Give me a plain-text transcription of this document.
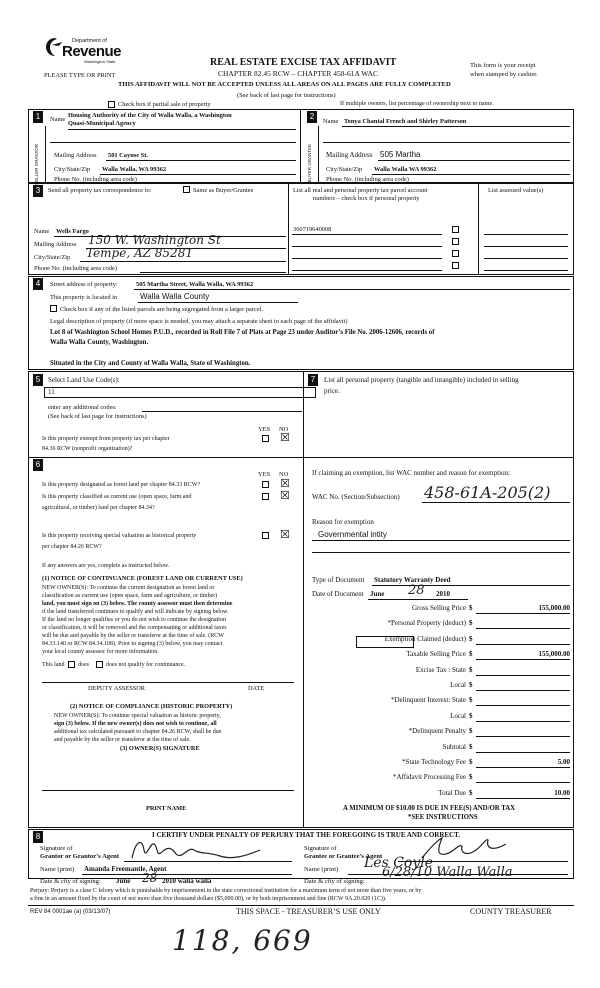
Department of
Revenue
Washington State
PLEASE TYPE OR PRINT
REAL ESTATE EXCISE TAX AFFIDAVIT
CHAPTER 82.45 RCW – CHAPTER 458-61A WAC
This form is your receipt
when stamped by cashier.
THIS AFFIDAVIT WILL NOT BE ACCEPTED UNLESS ALL AREAS ON ALL PAGES ARE FULLY COMPLETED
(See back of last page for instructions)
Check box if partial sale of property	If multiple owners, list percentage of ownership next to name.
1	2
SELLER GRANTOR	BUYER GRANTEE
Name
Housing Authority of the City of Walla Walla, a Washington
Quasi-Municipal Agency
Mailing Address 501 Cayuse St.
City/State/Zip Walla Walla, WA 99362
Phone No. (including area code)
Name Tonya Chantal French and Shirley Patterson
Mailing Address 505 Martha
City/State/Zip Walla Walla WA 99362
Phone No. (including area code)
3	Send all property tax correspondence to:	Same as Buyer/Grantee
Name Wells Fargo
Mailing Address 150 W. Washington St
City/State/Zip Tempe, AZ 85281
Phone No. (including area code)
List all real and personal property tax parcel account
numbers – check box if personal property
List assessed value(s)
360719640008
4	Street address of property:	505 Martha Street, Walla Walla, WA 99362
This property is located in	Walla Walla County
Check box if any of the listed parcels are being segregated from a larger parcel.
Legal description of property (if more space is needed, you may attach a separate sheet to each page of the affidavit)
Lot 8 of Washington School Homes P.U.D., recorded in Roll File 7 of Plats at Page 23 under Auditor’s File No. 2006-12606, records of
Walla Walla County, Washington.
Situated in the City and County of Walla Walla, State of Washington.
5	Select Land Use Code(s):
11
enter any additional codes:
(See back of last page for instructions)
YES NO
Is this property exempt from property tax per chapter
84.36 RCW (nonprofit organization)?
☒
6
YES NO
Is this property designated as forest land per chapter 84.33 RCW?	☒
Is this property classified as current use (open space, farm and
agricultural, or timber) land per chapter 84.34?
☒
Is this property receiving special valuation as historical property
per chapter 84.26 RCW?
☒
If any answers are yes, complete as instructed below.
(1) NOTICE OF CONTINUANCE (FOREST LAND OR CURRENT USE)
NEW OWNER(S): To continue the current designation as forest land or
classification as current use (open space, farm and agriculture, or timber)
land, you must sign on (3) below. The county assessor must then determine
if the land transferred continues to qualify and will indicate by signing below.
If the land no longer qualifies or you do not wish to continue the designation
or classification, it will be removed and the compensating or additional taxes
will be due and payable by the seller or transferor at the time of sale. (RCW
84.33.140 or RCW 84.34.108). Prior to signing (3) below, you may contact
your local county assessor for more information.
This land does	does not qualify for continuance.
DEPUTY ASSESSOR	DATE
(2) NOTICE OF COMPLIANCE (HISTORIC PROPERTY)
NEW OWNER(S): To continue special valuation as historic property,
sign (3) below. If the new owner(s) does not wish to continue, all
additional tax calculated pursuant to chapter 84.26 RCW, shall be due
and payable by the seller or transferor at the time of sale.
(3) OWNER(S) SIGNATURE
PRINT NAME
7	List all personal property (tangible and intangible) included in selling
price.
If claiming an exemption, list WAC number and reason for exemption:
WAC No. (Section/Subsection) 458-61A-205(2)
Reason for exemption
Governmental intity
Type of Document Statutory Warranty Deed
Date of Document June 28 2010
Gross Selling Price $	155,000.00
*Personal Property (deduct) $
Exemption Claimed (deduct) $
Taxable Selling Price $	155,000.00
Excise Tax : State $
Local $
*Delinquent Interest: State $
Local $
*Delinquent Penalty $
Subtotal $
*State Technology Fee $	5.00
*Affidavit Processing Fee $
Total Due $	10.00
A MINIMUM OF $10.00 IS DUE IN FEE(S) AND/OR TAX
*SEE INSTRUCTIONS
8	I CERTIFY UNDER PENALTY OF PERJURY THAT THE FOREGOING IS TRUE AND CORRECT.
Signature of
Grantor or Grantor’s Agent
Name (print) Amanda Freemantle, Agent
Date & city of signing: June 28 2010 walla walla
Signature of
Grantee or Grantee’s Agent
Name (print) Les Coyle
Date & city of signing:
6/28/10 Walla Walla
Perjury: Perjury is a class C felony which is punishable by imprisonment in the state correctional institution for a maximum term of not more than five years, or by
a fine in an amount fixed by the court of not more than five thousand dollars ($5,000.00), or by both imprisonment and fine (RCW 9A.20.020 (1C)).
REV 84 0001ae (a) (03/13/07)	THIS SPACE - TREASURER’S USE ONLY	COUNTY TREASURER
118, 669
